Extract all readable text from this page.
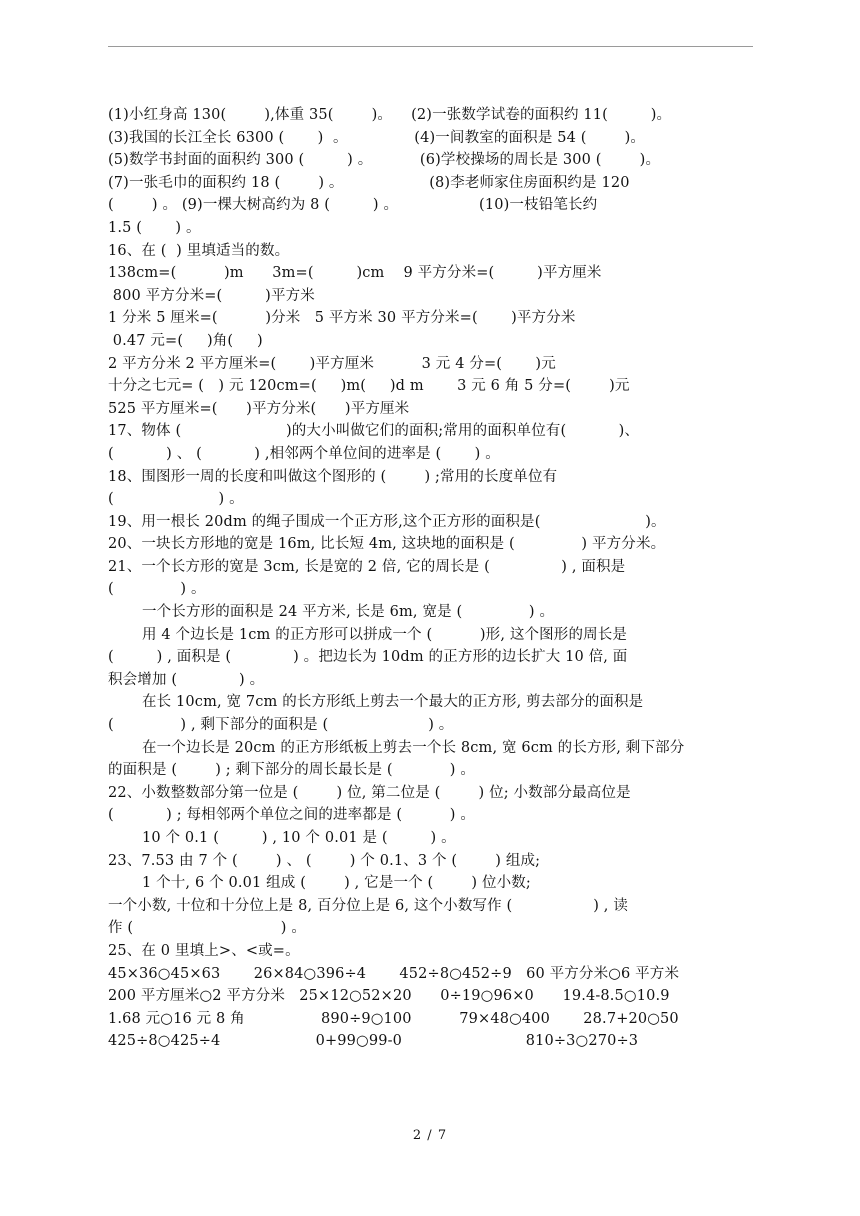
(1)小红身高 130(        ),体重 35(        )。    (2)一张数学试卷的面积约 11(         )。
(3)我国的长江全长 6300 (       )  。              (4)一间教室的面积是 54 (        )。
(5)数学书封面的面积约 300 (         ) 。          (6)学校操场的周长是 300 (        )。
(7)一张毛巾的面积约 18 (        ) 。                  (8)李老师家住房面积约是 120
(        ) 。 (9)一棵大树高约为 8 (         ) 。                 (10)一枝铅笔长约
1.5 (       ) 。
16、在 (  ) 里填适当的数。
138cm=(          )m      3m=(         )cm    9 平方分米=(         )平方厘米
800 平方分米=(         )平方米
1 分米 5 厘米=(          )分米   5 平方米 30 平方分米=(       )平方分米
0.47 元=(     )角(     )
2 平方分米 2 平方厘米=(       )平方厘米          3 元 4 分=(       )元
十分之七元= (   ) 元 120cm=(     )m(     )d m       3 元 6 角 5 分=(        )元
525 平方厘米=(      )平方分米(      )平方厘米
17、物体 (                      )的大小叫做它们的面积;常用的面积单位有(           )、
(           ) 、 (           ) ,相邻两个单位间的进率是 (       ) 。
18、围图形一周的长度和叫做这个图形的 (        ) ;常用的长度单位有
(                      ) 。
19、用一根长 20dm 的绳子围成一个正方形,这个正方形的面积是(                      )。
20、一块长方形地的宽是 16m, 比长短 4m, 这块地的面积是 (              ) 平方分米。
21、一个长方形的宽是 3cm, 长是宽的 2 倍, 它的周长是 (               ) , 面积是
(              ) 。
一个长方形的面积是 24 平方米, 长是 6m, 宽是 (              ) 。
用 4 个边长是 1cm 的正方形可以拼成一个 (          )形, 这个图形的周长是
(         ) , 面积是 (             ) 。把边长为 10dm 的正方形的边长扩大 10 倍, 面
积会增加 (             ) 。
在长 10cm, 宽 7cm 的长方形纸上剪去一个最大的正方形, 剪去部分的面积是
(              ) , 剩下部分的面积是 (                     ) 。
在一个边长是 20cm 的正方形纸板上剪去一个长 8cm, 宽 6cm 的长方形, 剩下部分
的面积是 (        ) ; 剩下部分的周长最长是 (            ) 。
22、小数整数部分第一位是 (        ) 位, 第二位是 (        ) 位; 小数部分最高位是
(           ) ; 每相邻两个单位之间的进率都是 (          ) 。
10 个 0.1 (         ) , 10 个 0.01 是 (         ) 。
23、7.53 由 7 个 (        ) 、 (        ) 个 0.1、3 个 (        ) 组成;
1 个十, 6 个 0.01 组成 (        ) , 它是一个 (        ) 位小数;
一个小数, 十位和十分位上是 8, 百分位上是 6, 这个小数写作 (                 ) , 读
作 (                               ) 。
25、在 0 里填上>、<或=。
45×36○45×63       26×84○396÷4       452÷8○452÷9   60 平方分米○6 平方米
200 平方厘米○2 平方分米   25×12○52×20      0÷19○96×0      19.4-8.5○10.9
1.68 元○16 元 8 角                890÷9○100          79×48○400       28.7+20○50
425÷8○425÷4                    0+99○99-0                          810÷3○270÷3
2 / 7
